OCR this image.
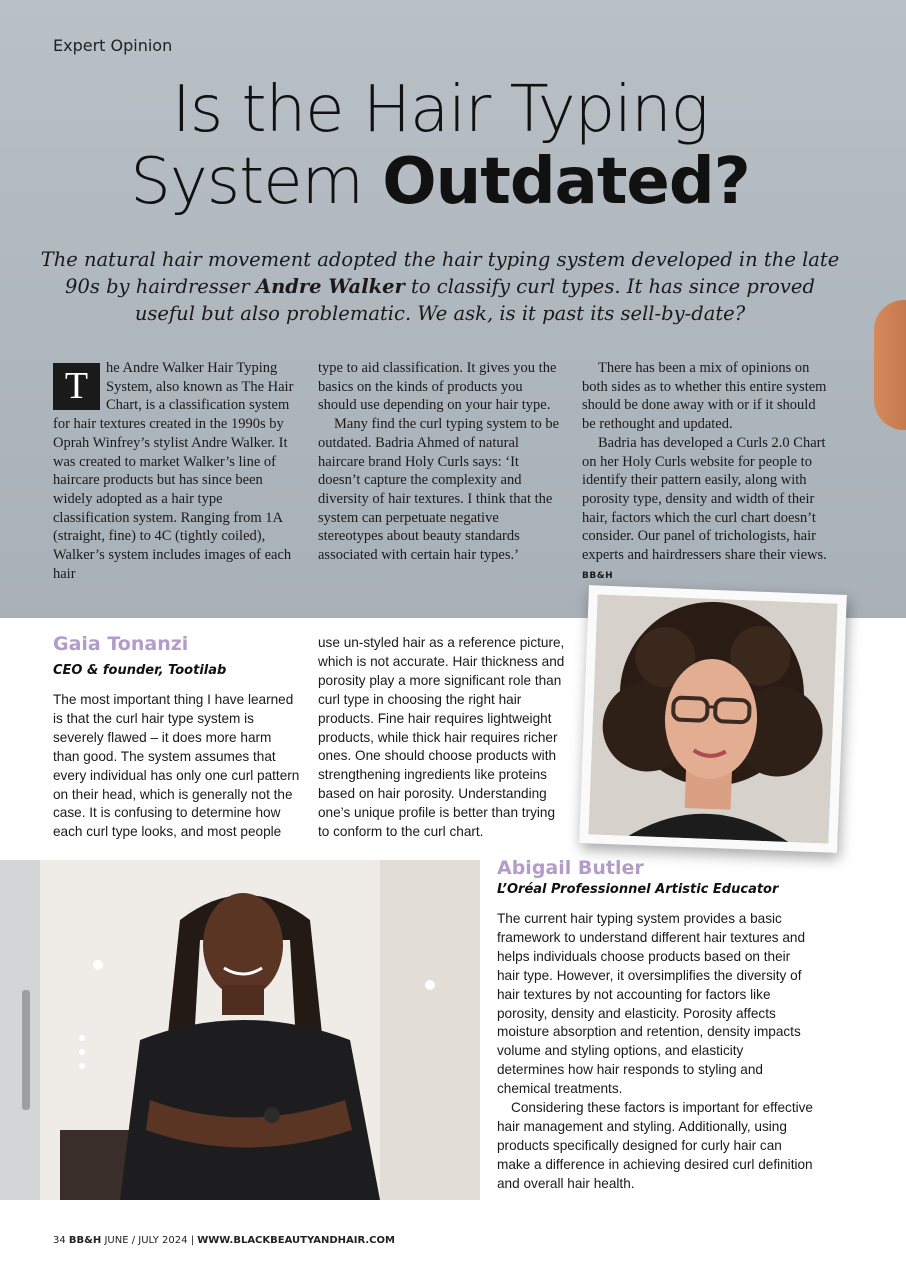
Expert Opinion
Is the Hair Typing
System Outdated?
The natural hair movement adopted the hair typing system developed in the late 90s by hairdresser Andre Walker to classify curl types. It has since proved useful but also problematic. We ask, is it past its sell-by-date?

T	he Andre Walker Hair Typing System, also known as The Hair Chart, is a classification system for hair textures created in the 1990s by Oprah Winfrey’s stylist Andre Walker. It was created to market Walker’s line of haircare products but has since been widely adopted as a hair type classification system. Ranging from 1A (straight, fine) to 4C (tightly coiled), Walker’s system includes images of each hair

type to aid classification. It gives you the basics on the kinds of products you should use depending on your hair type.

Many find the curl typing system to be outdated. Badria Ahmed of natural haircare brand Holy Curls says: ‘It doesn’t capture the complexity and diversity of hair textures. I think that the system can perpetuate negative stereotypes about beauty standards associated with certain hair types.’

There has been a mix of opinions on both sides as to whether this entire system should be done away with or if it should be rethought and updated.

Badria has developed a Curls 2.0 Chart on her Holy Curls website for people to identify their pattern easily, along with porosity type, density and width of their hair, factors which the curl chart doesn’t consider. Our panel of trichologists, hair experts and hairdressers share their views. BB&H

Gaia Tonanzi
CEO & founder, Tootilab

The most important thing I have learned is that the curl hair type system is severely flawed – it does more harm than good. The system assumes that every individual has only one curl pattern on their head, which is generally not the case. It is confusing to determine how each curl type looks, and most people

use un-styled hair as a reference picture, which is not accurate. Hair thickness and porosity play a more significant role than curl type in choosing the right hair products. Fine hair requires lightweight products, while thick hair requires richer ones. One should choose products with strengthening ingredients like proteins based on hair porosity. Understanding one’s unique profile is better than trying to conform to the curl chart.

Abigail Butler
L’Oréal Professionnel Artistic Educator

The current hair typing system provides a basic framework to understand different hair textures and helps individuals choose products based on their hair type. However, it oversimplifies the diversity of hair textures by not accounting for factors like porosity, density and elasticity. Porosity affects moisture absorption and retention, density impacts volume and styling options, and elasticity determines how hair responds to styling and chemical treatments.

Considering these factors is important for effective hair management and styling. Additionally, using products specifically designed for curly hair can make a difference in achieving desired curl definition and overall hair health.

34 BB&H JUNE / JULY 2024 | WWW.BLACKBEAUTYANDHAIR.COM
